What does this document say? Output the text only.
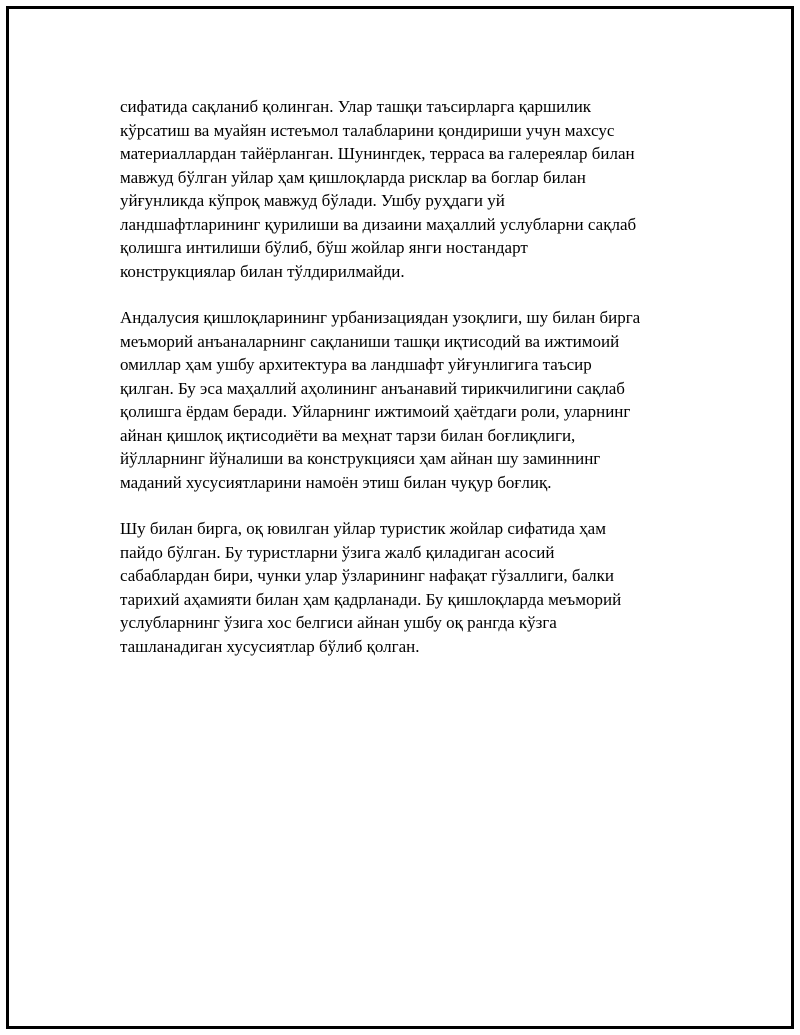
сифатида сақланиб қолинган. Улар ташқи таъсирларга қаршилик
кўрсатиш ва муайян истеъмол талабларини қондириши учун махсус
материаллардан тайёрланган. Шунингдек, терраса ва галереялар билан
мавжуд бўлган уйлар ҳам қишлоқларда рисклар ва боглар билан
уйғунликда кўпроқ мавжуд бўлади. Ушбу руҳдаги уй
ландшафтларининг қурилиши ва дизаини маҳаллий услубларни сақлаб
қолишга интилиши бўлиб, бўш жойлар янги ностандарт
конструкциялар билан тўлдирилмайди.

Андалусия қишлоқларининг урбанизациядан узоқлиги, шу билан бирга
меъморий анъаналарнинг сақланиши ташқи иқтисодий ва ижтимоий
омиллар ҳам ушбу архитектура ва ландшафт уйғунлигига таъсир
қилган. Бу эса маҳаллий аҳолининг анъанавий тирикчилигини сақлаб
қолишга ёрдам беради. Уйларнинг ижтимоий ҳаётдаги роли, уларнинг
айнан қишлоқ иқтисодиёти ва меҳнат тарзи билан боғлиқлиги,
йўлларнинг йўналиши ва конструкцияси ҳам айнан шу заминнинг
маданий хусусиятларини намоён этиш билан чуқур боғлиқ.

Шу билан бирга, оқ ювилган уйлар туристик жойлар сифатида ҳам
пайдо бўлган. Бу туристларни ўзига жалб қиладиган асосий
сабаблардан бири, чунки улар ўзларининг нафақат гўзаллиги, балки
тарихий аҳамияти билан ҳам қадрланади. Бу қишлоқларда меъморий
услубларнинг ўзига хос белгиси айнан ушбу оқ рангда кўзга
ташланадиган хусусиятлар бўлиб қолган.
